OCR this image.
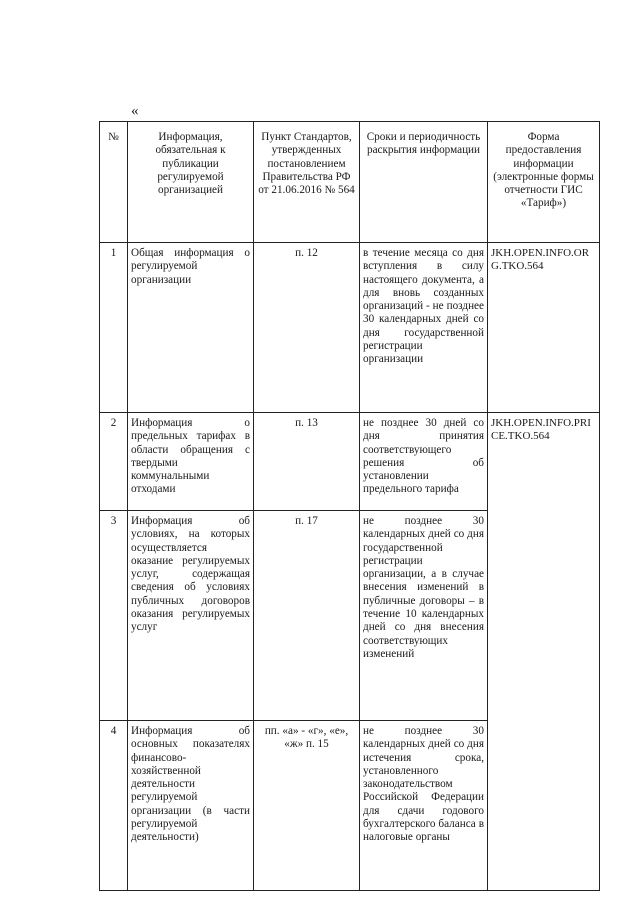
«
№	Информация, обязательная к публикации регулируемой организацией	Пункт Стандартов, утвержденных постановлением Правительства РФ от 21.06.2016 № 564	Сроки и периодичность раскрытия информации	Форма предоставления информации (электронные формы отчетности ГИС «Тариф»)

1	Общая информация о регулируемой организации	п. 12	в течение месяца со дня вступления в силу настоящего документа, а для вновь созданных организаций - не позднее 30 календарных дней со дня государственной регистрации организации	JKH.OPEN.INFO.ORG.TKO.564
2	Информация о предельных тарифах в области обращения с твердыми коммунальными отходами	п. 13	не позднее 30 дней со дня принятия соответствующего решения об установлении предельного тарифа	JKH.OPEN.INFO.PRICE.TKO.564
3	Информация об условиях, на которых осуществляется оказание регулируемых услуг, содержащая сведения об условиях публичных договоров оказания регулируемых услуг	п. 17	не позднее 30 календарных дней со дня государственной регистрации организации, а в случае внесения изменений в публичные договоры – в течение 10 календарных дней со дня внесения соответствующих изменений	
4	Информация об основных показателях финансово-хозяйственной деятельности регулируемой организации (в части регулируемой деятельности)	пп. «а» - «г», «е», «ж» п. 15	не позднее 30 календарных дней со дня истечения срока, установленного законодательством Российской Федерации для сдачи годового бухгалтерского баланса в налоговые органы	
